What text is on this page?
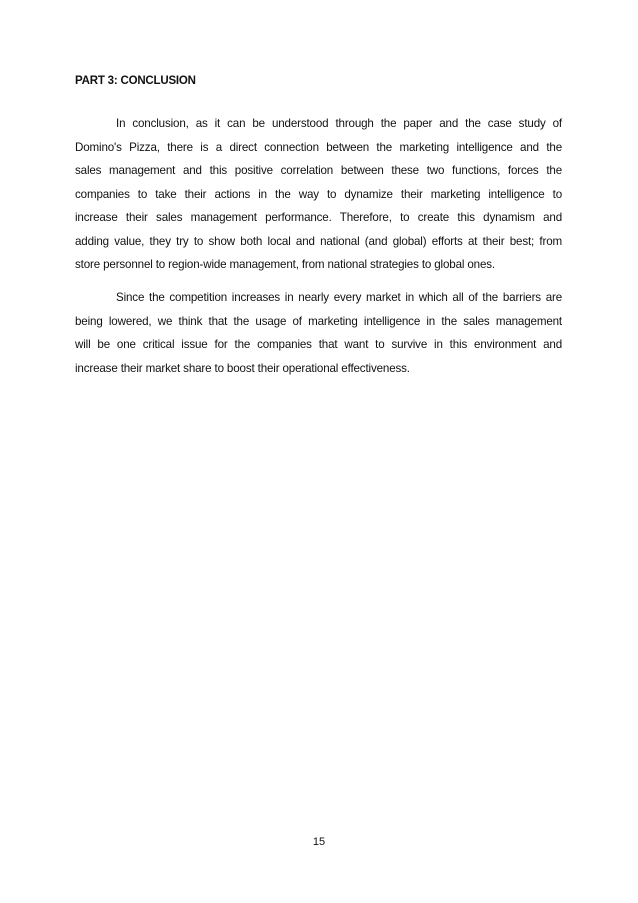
PART 3: CONCLUSION
In conclusion, as it can be understood through the paper and the case study of
Domino's Pizza, there is a direct connection between the marketing intelligence and the
sales management and this positive correlation between these two functions, forces the
companies to take their actions in the way to dynamize their marketing intelligence to
increase their sales management performance. Therefore, to create this dynamism and
adding value, they try to show both local and national (and global) efforts at their best; from
store personnel to region-wide management, from national strategies to global ones.
Since the competition increases in nearly every market in which all of the barriers are
being lowered, we think that the usage of marketing intelligence in the sales management
will be one critical issue for the companies that want to survive in this environment and
increase their market share to boost their operational effectiveness.
15
